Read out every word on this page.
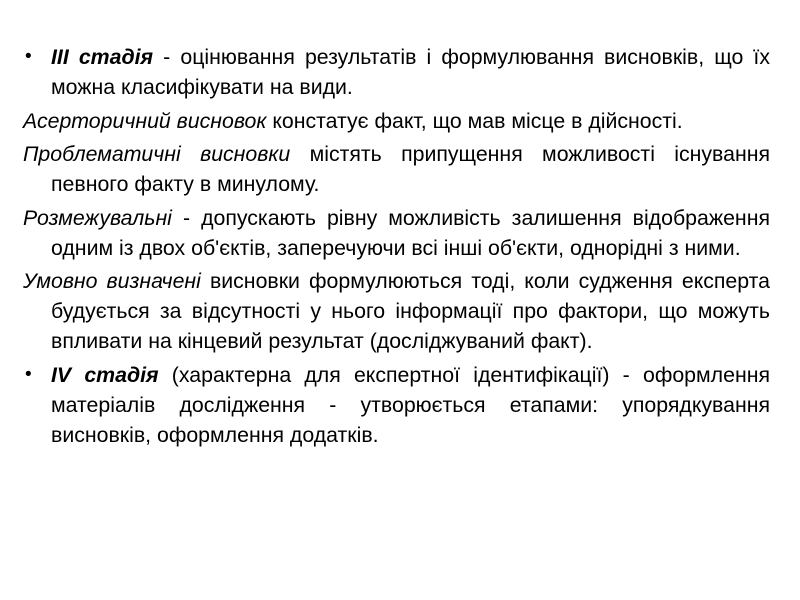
• III стадія - оцінювання результатів і формулювання висновків, що їх можна класифікувати на види.

Асерторичний висновок констатує факт, що мав місце в дійсності.

Проблематичні висновки містять припущення можливості існування певного факту в минулому.

Розмежувальні - допускають рівну можливість залишення відображення одним із двох об'єктів, заперечуючи всі інші об'єкти, однорідні з ними.

Умовно визначені висновки формулюються тоді, коли судження експерта будується за відсутності у нього інформації про фактори, що можуть впливати на кінцевий результат (досліджуваний факт).

• IV стадія (характерна для експертної ідентифікації) - оформлення матеріалів дослідження - утворюється етапами: упорядкування висновків, оформлення додатків.
